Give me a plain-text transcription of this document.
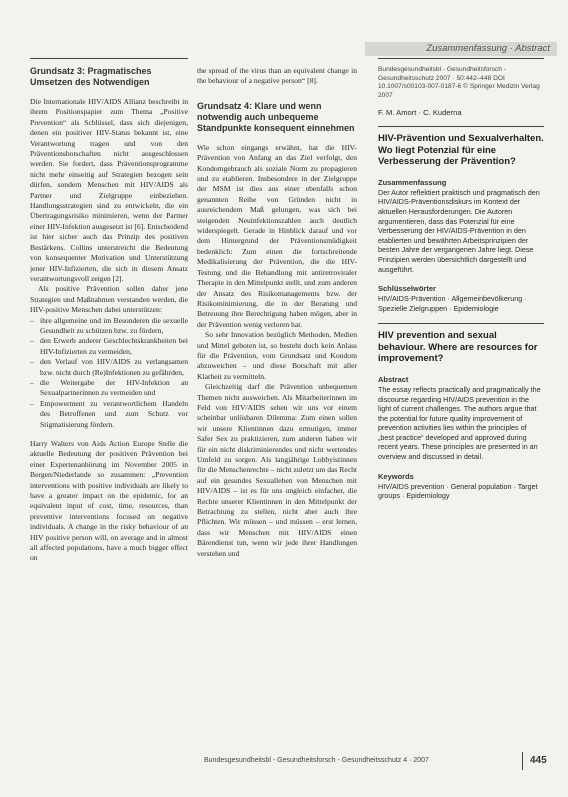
Zusammenfassung · Abstract
Grundsatz 3: Pragmatisches Umsetzen des Notwendigen

Die Internationale HIV/AIDS Allianz beschreibt in ihrem Positionspapier zum Thema „Positive Prevention“ als Schlüssel, dass sich diejenigen, denen ein positiver HIV-Status bekannt ist, eine Verantwortung tragen und von den Präventionsbotschaften nicht ausgeschlossen werden. Sie fordert, dass Präventionsprogramme nicht mehr einseitig auf Strategien bezogen sein dürfen, sondern Menschen mit HIV/AIDS als Partner und Zielgruppe einbeziehen. Handlungsstrategien sind zu entwickeln, die ein Übertragungsrisiko minimieren, wenn der Partner einer HIV-Infektion ausgesetzt ist [6]. Entscheidend ist hier sicher auch das Prinzip des positiven Bestärkens. Collins unterstreicht die Bedeutung von konsequenter Motivation und Unterstützung jener HIV-Infizierten, die sich in diesem Ansatz verantwortungsvoll zeigen [2].

Als positive Prävention sollen daher jene Strategien und Maßnahmen verstanden werden, die HIV-positive Menschen dabei unterstützen:

– ihre allgemeine und im Besonderen die sexuelle Gesundheit zu schützen bzw. zu fördern,
– den Erwerb anderer Geschlechtskrankheiten bei HIV-Infizierten zu vermeiden,
– den Verlauf von HIV/AIDS zu verlangsamen bzw. nicht durch (Re)Infektionen zu gefährden,
– die Weitergabe der HIV-Infektion an Sexualpartnerinnen zu vermeiden und
– Empowerment zu verantwortlichem Handeln des Betroffenen und zum Schutz vor Stigmatisierung fördern.

Harry Walters von Aids Action Europe Stelle die aktuelle Bedeutung der positiven Prävention bei einer Expertenanhörung im November 2005 in Bergen/Niederlande so zusammen: „Prevention interventions with positive individuals are likely to have a greater impact on the epidemic, for an equivalent input of cost, time, resources, than preventive interventions focused on negative individuals. A change in the risky behaviour of an HIV positive person will, on average and in almost all affected populations, have a much bigger effect on

the spread of the virus than an equivalent change in the behaviour of a negative person“ [8].

Grundsatz 4: Klare und wenn notwendig auch unbequeme Standpunkte konsequent einnehmen

Wie schon eingangs erwähnt, hat die HIV-Prävention von Anfang an das Ziel verfolgt, den Kondomgebrauch als soziale Norm zu propagieren und zu etablieren. Insbesondere in der Zielgruppe der MSM ist dies aus einer ebenfalls schon genannten Reihe von Gründen nicht in ausreichendem Maß gelungen, was sich bei steigenden Neuinfektionszahlen auch deutlich widerspiegelt. Gerade in Hinblick darauf und vor dem Hintergrund der Präventionsmüdigkeit bedenklich: Zum einen die fortschreitende Medikalisierung der Prävention, die die HIV-Testung und die Behandlung mit antiretroviraler Therapie in den Mittelpunkt stellt, und zum anderen der Ansatz des Risikomanagements bzw. der Risikominimierung, die in der Beratung und Betreuung ihre Berechtigung haben mögen, aber in der Prävention wenig verloren hat.

So sehr Innovation bezüglich Methoden, Medien und Mittel geboten ist, so besteht doch kein Anlass für die Prävention, vom Grundsatz und Kondom abzuweichen – und diese Botschaft mit aller Klarheit zu vermitteln.

Gleichzeitig darf die Prävention unbequemen Themen nicht ausweichen. Als Mitarbeiterinnen im Feld von HIV/AIDS sehen wir uns vor einem scheinbar unlösbaren Dilemma: Zum einen sollen wir unsere Klientinnen dazu ermutigen, immer Safer Sex zu praktizieren, zum anderen haben wir für ein nicht diskriminierendes und nicht wertendes Umfeld zu sorgen. Als langjährige Lobbyistinnen für die Menschenrechte – nicht zuletzt um das Recht auf ein gesundes Sexualleben von Menschen mit HIV/AIDS – ist es für uns ungleich einfacher, die Rechte unserer Klientinnen in den Mittelpunkt der Betrachtung zu stellen, nicht aber auch ihre Pflichten. Wir müssen – und müssen – erst lernen, dass wir Menschen mit HIV/AIDS einen Bärendienst tun, wenn wir jede ihrer Handlungen verstehen und

Bundesgesundheitsbl - Gesundheitsforsch - Gesundheitsschutz 2007 · 50:442–448 DOI 10.1007/s00103-007-0187-6 © Springer Medizin Verlag 2007
F. M. Amort · C. Kuderna
HIV-Prävention und Sexualverhalten. Wo liegt Potenzial für eine Verbesserung der Prävention?
Zusammenfassung
Der Autor reflektiert praktisch und pragmatisch den HIV/AIDS-Präventionsdiskurs im Kontext der aktuellen Herausforderungen. Die Autoren argumentieren, dass das Potenzial für eine Verbesserung der HIV/AIDS-Prävention in den etablierten und bewährten Arbeitsprinzipien der besten Jahre der vergangenen Jahre liegt. Diese Prinzipien werden übersichtlich dargestellt und ausgeführt.
Schlüsselwörter
HIV/AIDS-Prävention · Allgemeinbevölkerung · Spezielle Zielgruppen · Epidemiologie
HIV prevention and sexual behaviour. Where are resources for improvement?
Abstract
The essay reflects practically and pragmatically the discourse regarding HIV/AIDS prevention in the light of current challenges. The authors argue that the potential for future quality improvement of prevention activities lies within the principles of „best practice“ developed and approved during recent years. These principles are presented in an overview and discussed in detail.
Keywords
HIV/AIDS prevention · General population · Target groups · Epidemiology
Bundesgesundheitsbl - Gesundheitsforsch - Gesundheitsschutz 4 · 2007	445
